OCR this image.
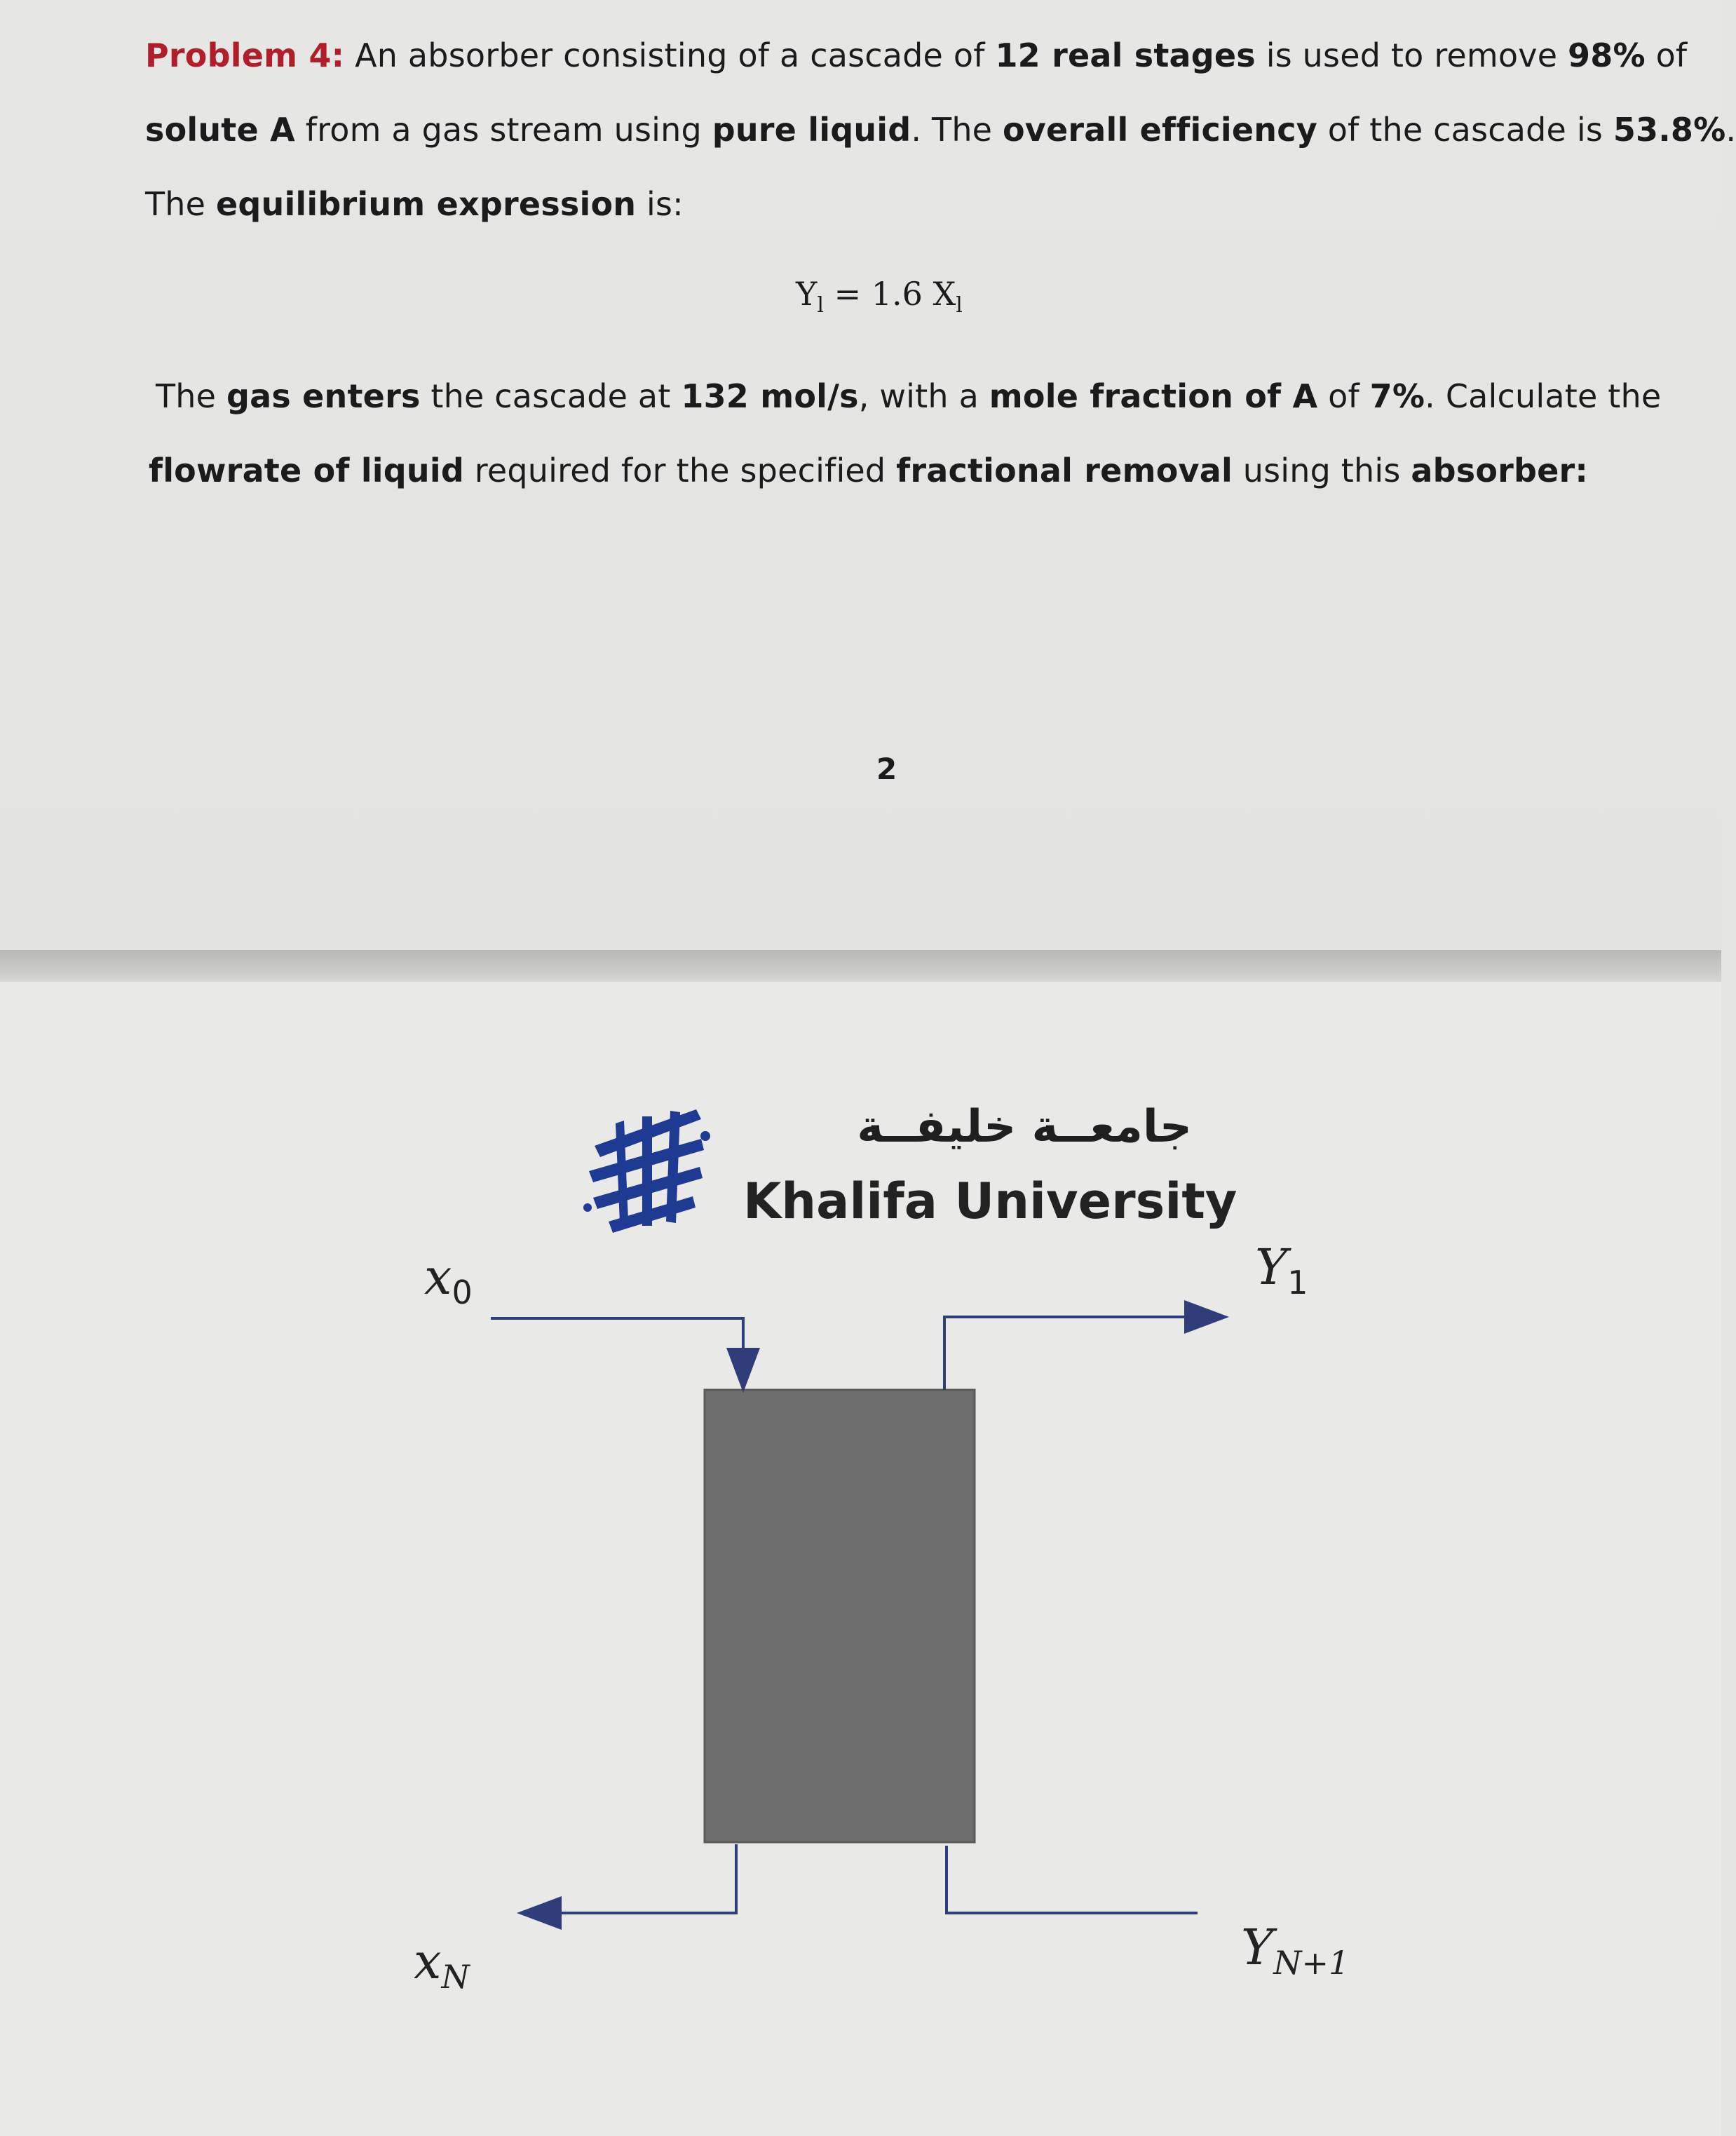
Problem 4: An absorber consisting of a cascade of 12 real stages is used to remove 98% of
solute A from a gas stream using pure liquid. The overall efficiency of the cascade is 53.8%.
The equilibrium expression is:
$Y_l = 1.6$ $X_l$
The gas enters the cascade at 132 mol/s, with a mole fraction of A of 7%. Calculate the
flowrate of liquid required for the specified fractional removal using this absorber:
2
جامعــة خليفــة
Khalifa University
$x_0$	$Y_1$
$x_N$
$Y_{N+1}$
